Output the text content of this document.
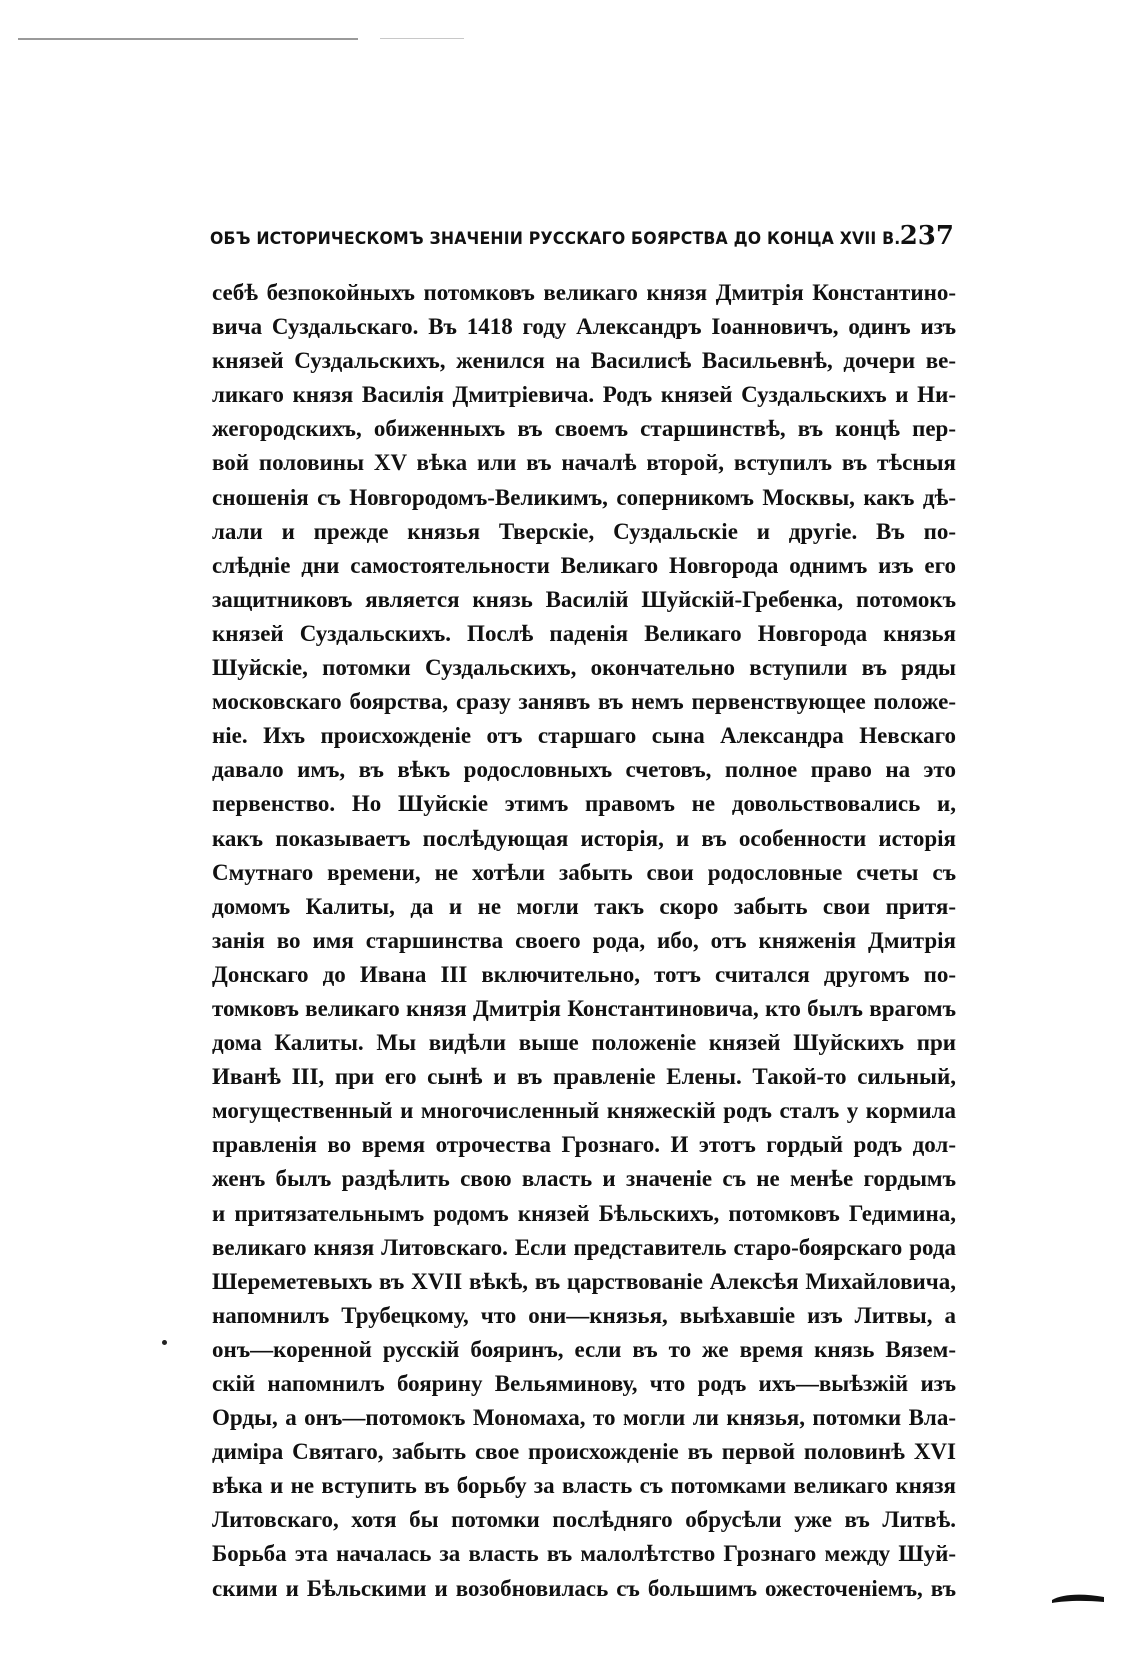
ОБЪ ИСТОРИЧЕСКОМЪ ЗНАЧЕНІИ РУССКАГО БОЯРСТВА ДО КОНЦА XVII В. 237
себѣ безпокойныхъ потомковъ великаго князя Дмитрія Константино-
вича Суздальскаго. Въ 1418 году Александръ Іоанновичъ, одинъ изъ
князей Суздальскихъ, женился на Василисѣ Васильевнѣ, дочери ве-
ликаго князя Василія Дмитріевича. Родъ князей Суздальскихъ и Ни-
жегородскихъ, обиженныхъ въ своемъ старшинствѣ, въ концѣ пер-
вой половины XV вѣка или въ началѣ второй, вступилъ въ тѣсныя
сношенія съ Новгородомъ-Великимъ, соперникомъ Москвы, какъ дѣ-
лали и прежде князья Тверскіе, Суздальскіе и другіе. Въ по-
слѣдніе дни самостоятельности Великаго Новгорода однимъ изъ его
защитниковъ является князь Василій Шуйскій-Гребенка, потомокъ
князей Суздальскихъ. Послѣ паденія Великаго Новгорода князья
Шуйскіе, потомки Суздальскихъ, окончательно вступили въ ряды
московскаго боярства, сразу занявъ въ немъ первенствующее положе-
ніе. Ихъ происхожденіе отъ старшаго сына Александра Невскаго
давало имъ, въ вѣкъ родословныхъ счетовъ, полное право на это
первенство. Но Шуйскіе этимъ правомъ не довольствовались и,
какъ показываетъ послѣдующая исторія, и въ особенности исторія
Смутнаго времени, не хотѣли забыть свои родословные счеты съ
домомъ Калиты, да и не могли такъ скоро забыть свои притя-
занія во имя старшинства своего рода, ибо, отъ княженія Дмитрія
Донскаго до Ивана III включительно, тотъ считался другомъ по-
томковъ великаго князя Дмитрія Константиновича, кто былъ врагомъ
дома Калиты. Мы видѣли выше положеніе князей Шуйскихъ при
Иванѣ III, при его сынѣ и въ правленіе Елены. Такой-то сильный,
могущественный и многочисленный княжескій родъ сталъ у кормила
правленія во время отрочества Грознаго. И этотъ гордый родъ дол-
женъ былъ раздѣлить свою власть и значеніе съ не менѣе гордымъ
и притязательнымъ родомъ князей Бѣльскихъ, потомковъ Гедимина,
великаго князя Литовскаго. Если представитель старо-боярскаго рода
Шереметевыхъ въ XVII вѣкѣ, въ царствованіе Алексѣя Михайловича,
напомнилъ Трубецкому, что они—князья, выѣхавшіе изъ Литвы, а
онъ—коренной русскій бояринъ, если въ то же время князь Вязем-
скій напомнилъ боярину Вельяминову, что родъ ихъ—выѣзжій изъ
Орды, а онъ—потомокъ Мономаха, то могли ли князья, потомки Вла-
диміра Святаго, забыть свое происхожденіе въ первой половинѣ XVI
вѣка и не вступить въ борьбу за власть съ потомками великаго князя
Литовскаго, хотя бы потомки послѣдняго обрусѣли уже въ Литвѣ.
Борьба эта началась за власть въ малолѣтство Грознаго между Шуй-
скими и Бѣльскими и возобновилась съ большимъ ожесточеніемъ, въ
